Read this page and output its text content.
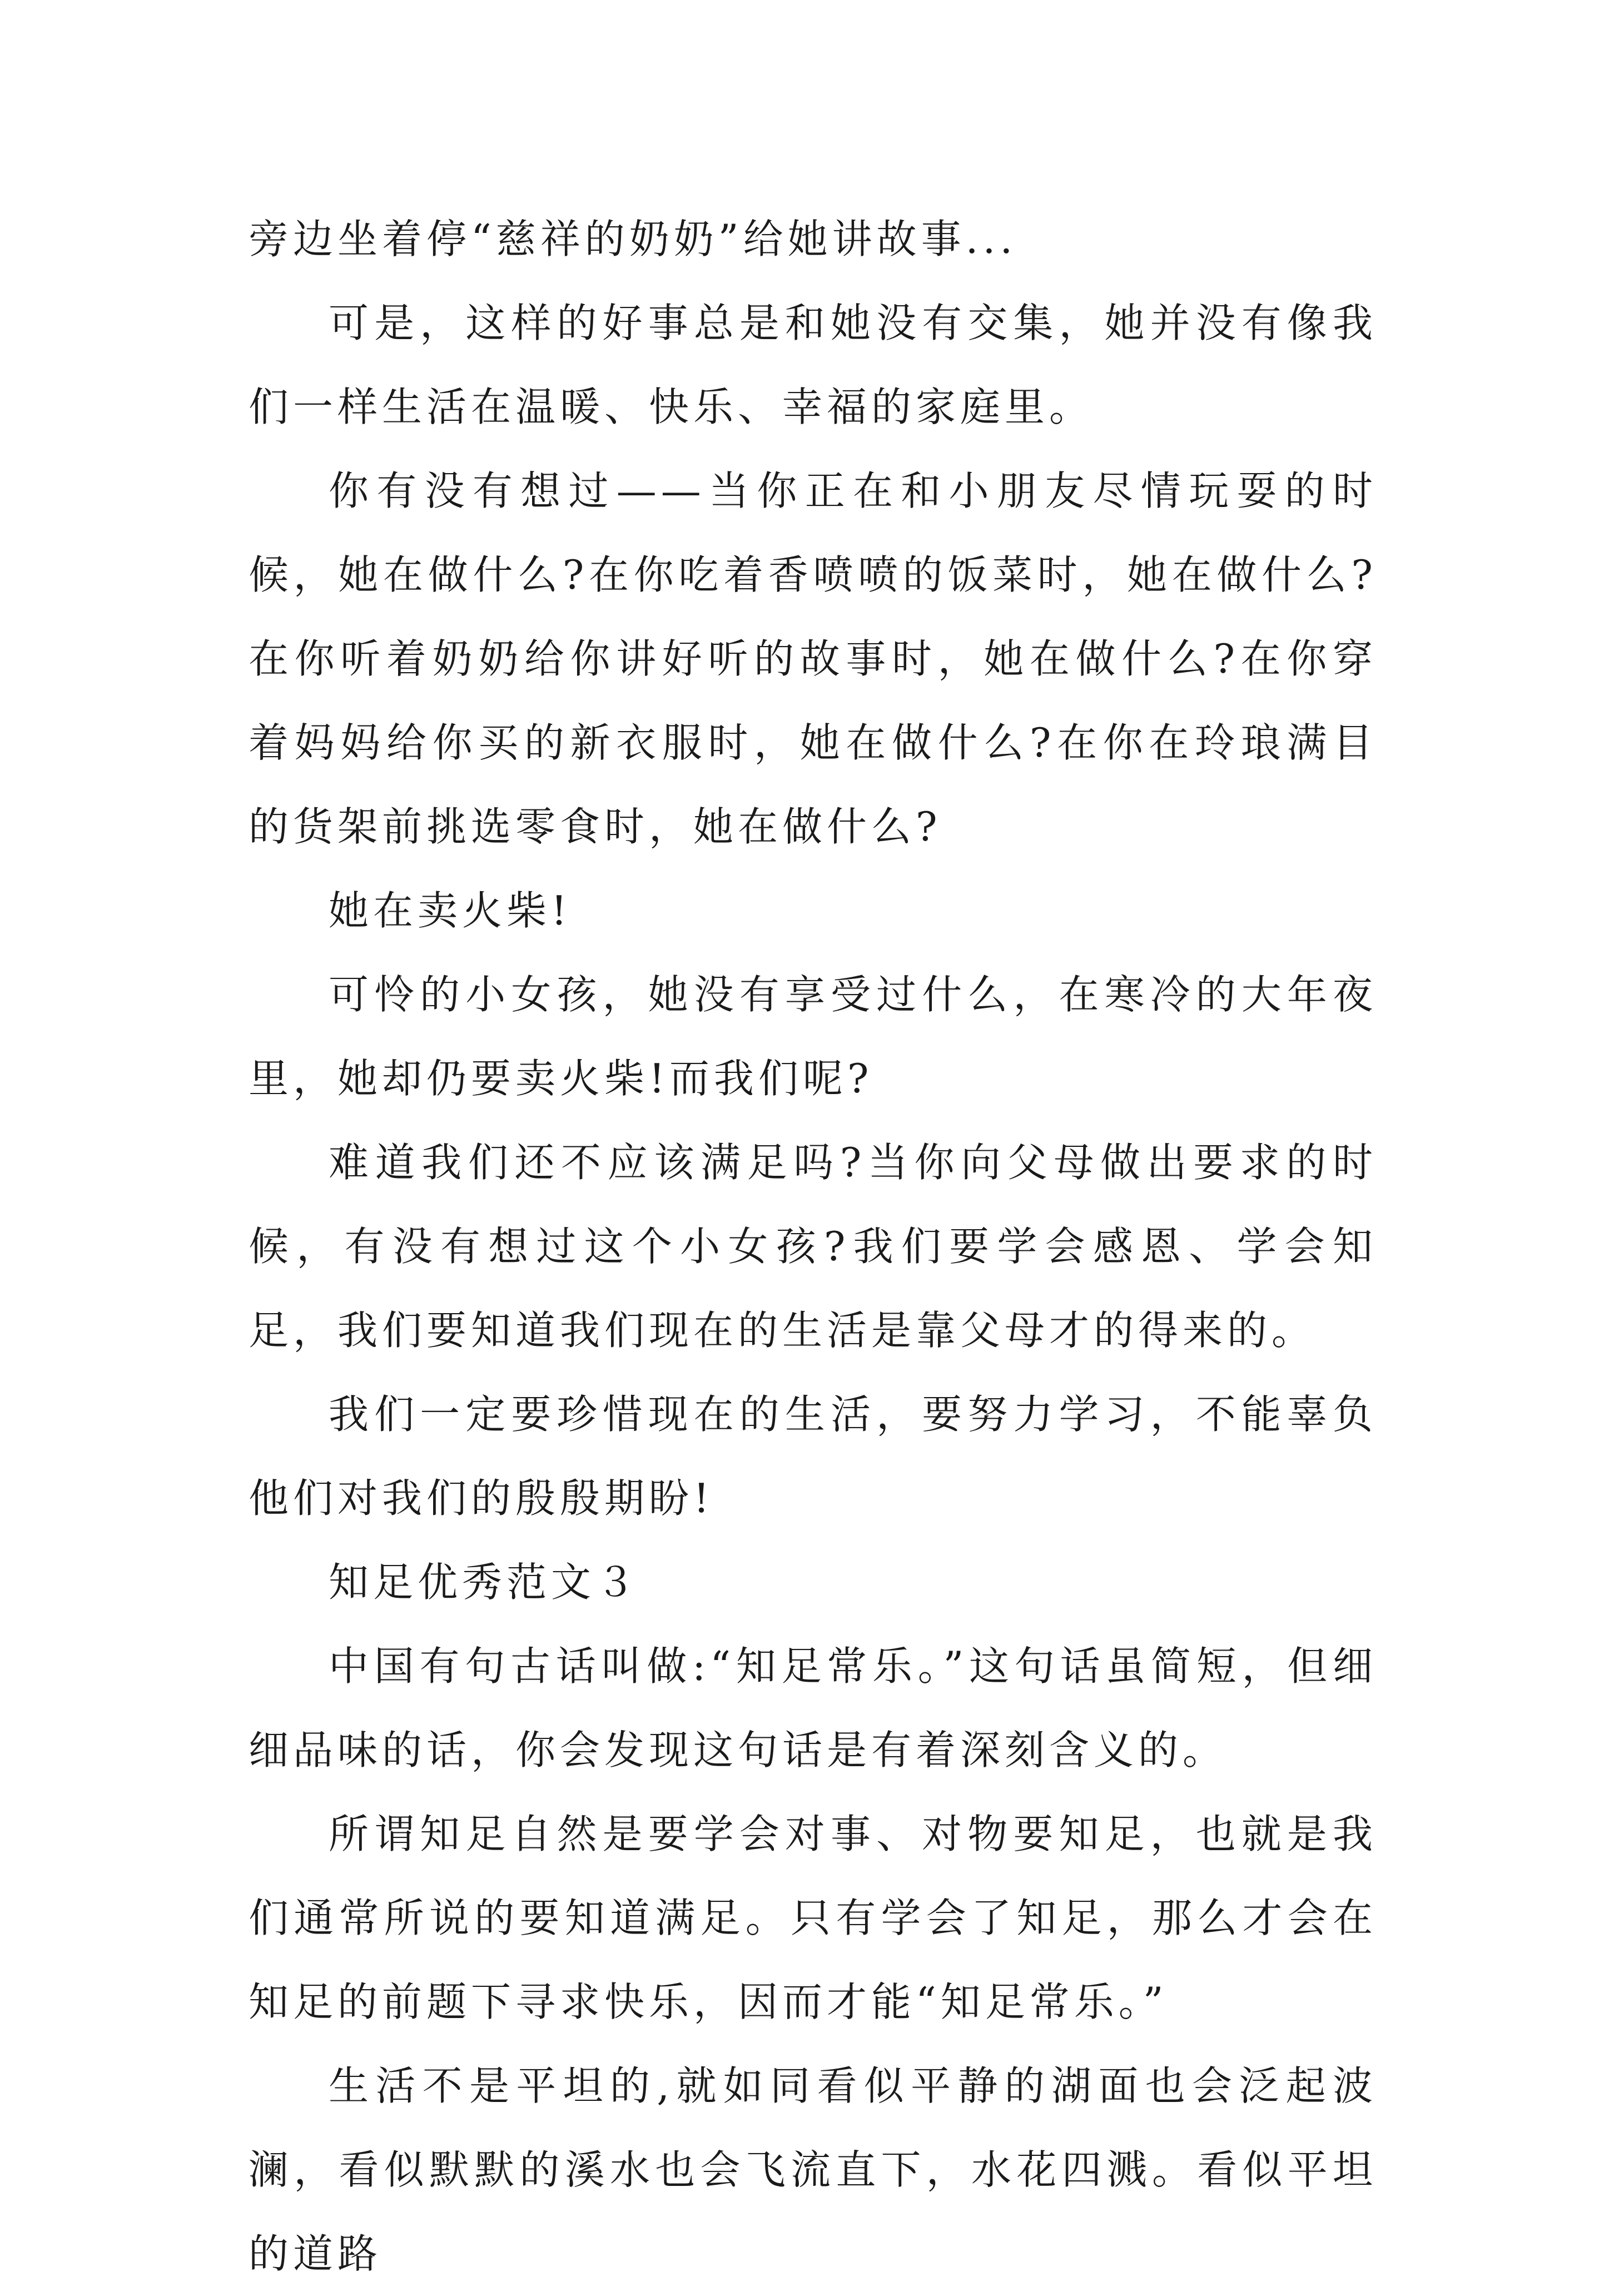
旁边坐着停“慈祥的奶奶”给她讲故事...

可是，这样的好事总是和她没有交集，她并没有像我们一样生活在温暖、快乐、幸福的家庭里。

你有没有想过——当你正在和小朋友尽情玩耍的时候，她在做什么?在你吃着香喷喷的饭菜时，她在做什么?在你听着奶奶给你讲好听的故事时，她在做什么?在你穿着妈妈给你买的新衣服时，她在做什么?在你在玲琅满目的货架前挑选零食时，她在做什么?

她在卖火柴!

可怜的小女孩，她没有享受过什么，在寒冷的大年夜里，她却仍要卖火柴!而我们呢?

难道我们还不应该满足吗?当你向父母做出要求的时候，有没有想过这个小女孩?我们要学会感恩、学会知足，我们要知道我们现在的生活是靠父母才的得来的。

我们一定要珍惜现在的生活，要努力学习，不能辜负他们对我们的殷殷期盼!

知足优秀范文３

中国有句古话叫做:“知足常乐。”这句话虽简短，但细细品味的话，你会发现这句话是有着深刻含义的。

所谓知足自然是要学会对事、对物要知足，也就是我们通常所说的要知道满足。只有学会了知足，那么才会在知足的前题下寻求快乐，因而才能“知足常乐。”

生活不是平坦的,就如同看似平静的湖面也会泛起波澜，看似默默的溪水也会飞流直下，水花四溅。看似平坦的道路
